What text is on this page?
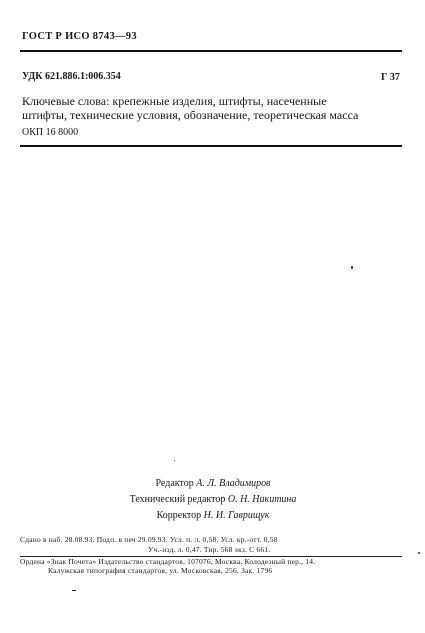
ГОСТ Р ИСО 8743—93
УДК 621.886.1:006.354	Г 37
Ключевые слова: крепежные изделия, штифты, насеченные
штифты, технические условия, обозначение, теоретическая масса
ОКП 16 8000
Редактор А. Л. Владимиров
Технический редактор О. Н. Никитина
Корректор Н. И. Гаврищук
Сдано в наб. 28.08.93. Подп. в печ 29.09.93. Усл. п. л. 0,58. Усл. кр.-отт. 0,58
Уч.-изд. л. 0,47. Тир. 568 экз. С 661.
Ордена «Знак Почета» Издательство стандартов, 107076, Москва, Колодезный пер., 14.
Калужская типография стандартов, ул. Московская, 256. Зак. 1796
